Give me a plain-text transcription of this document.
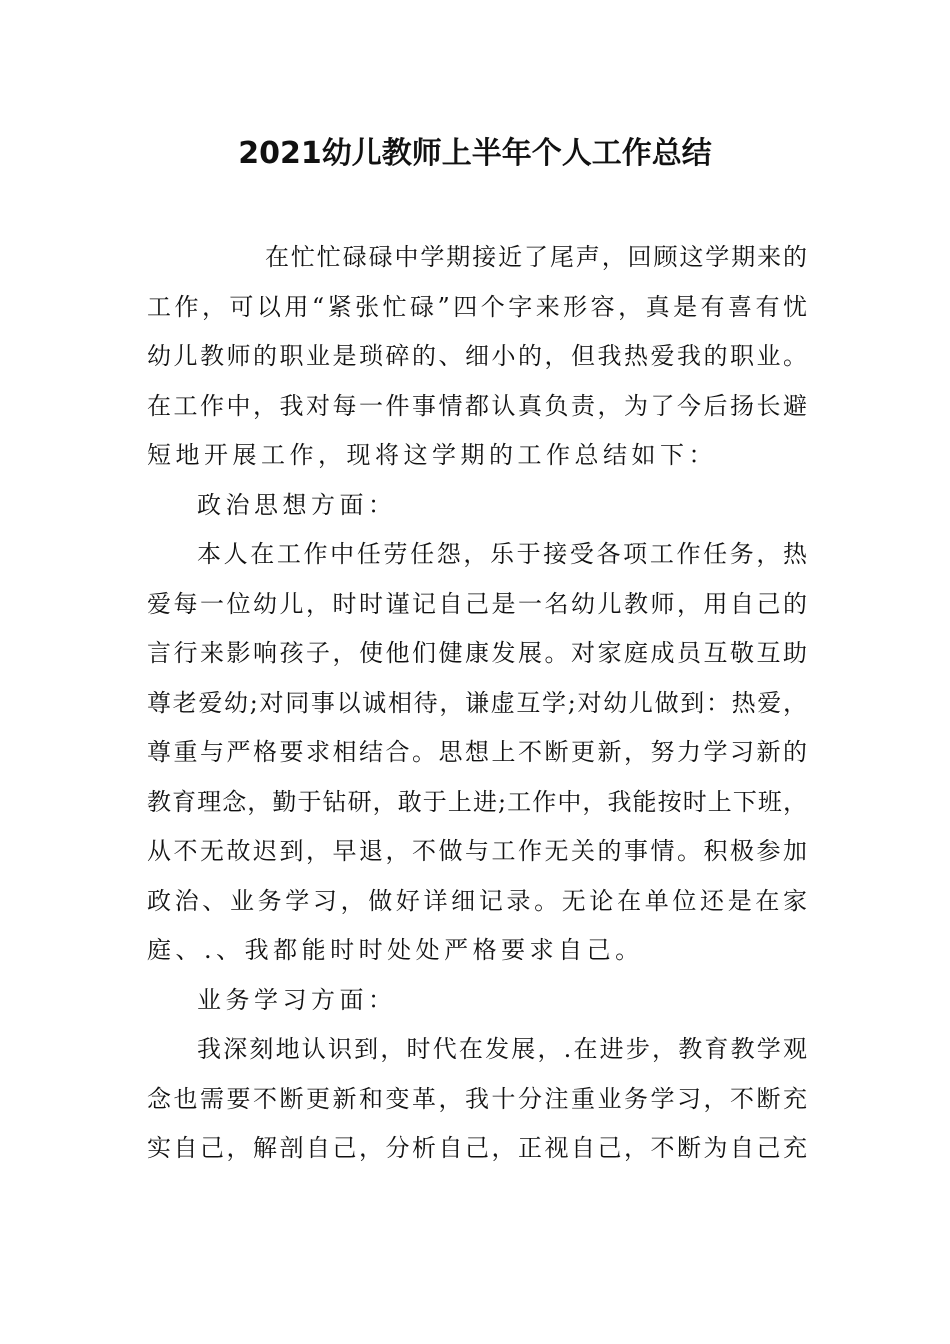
2021幼儿教师上半年个人工作总结
在忙忙碌碌中学期接近了尾声，回顾这学期来的
工作，可以用“紧张忙碌”四个字来形容，真是有喜有忧
幼儿教师的职业是琐碎的、细小的，但我热爱我的职业。
在工作中，我对每一件事情都认真负责，为了今后扬长避
短地开展工作，现将这学期的工作总结如下：
政治思想方面：
本人在工作中任劳任怨，乐于接受各项工作任务，热
爱每一位幼儿，时时谨记自己是一名幼儿教师，用自己的
言行来影响孩子，使他们健康发展。对家庭成员互敬互助
尊老爱幼;对同事以诚相待，谦虚互学;对幼儿做到：热爱，
尊重与严格要求相结合。思想上不断更新，努力学习新的
教育理念，勤于钻研，敢于上进;工作中，我能按时上下班，
从不无故迟到，早退，不做与工作无关的事情。积极参加
政治、业务学习，做好详细记录。无论在单位还是在家
庭、.、我都能时时处处严格要求自己。
业务学习方面：
我深刻地认识到，时代在发展，.在进步，教育教学观
念也需要不断更新和变革，我十分注重业务学习，不断充
实自己，解剖自己，分析自己，正视自己，不断为自己充
